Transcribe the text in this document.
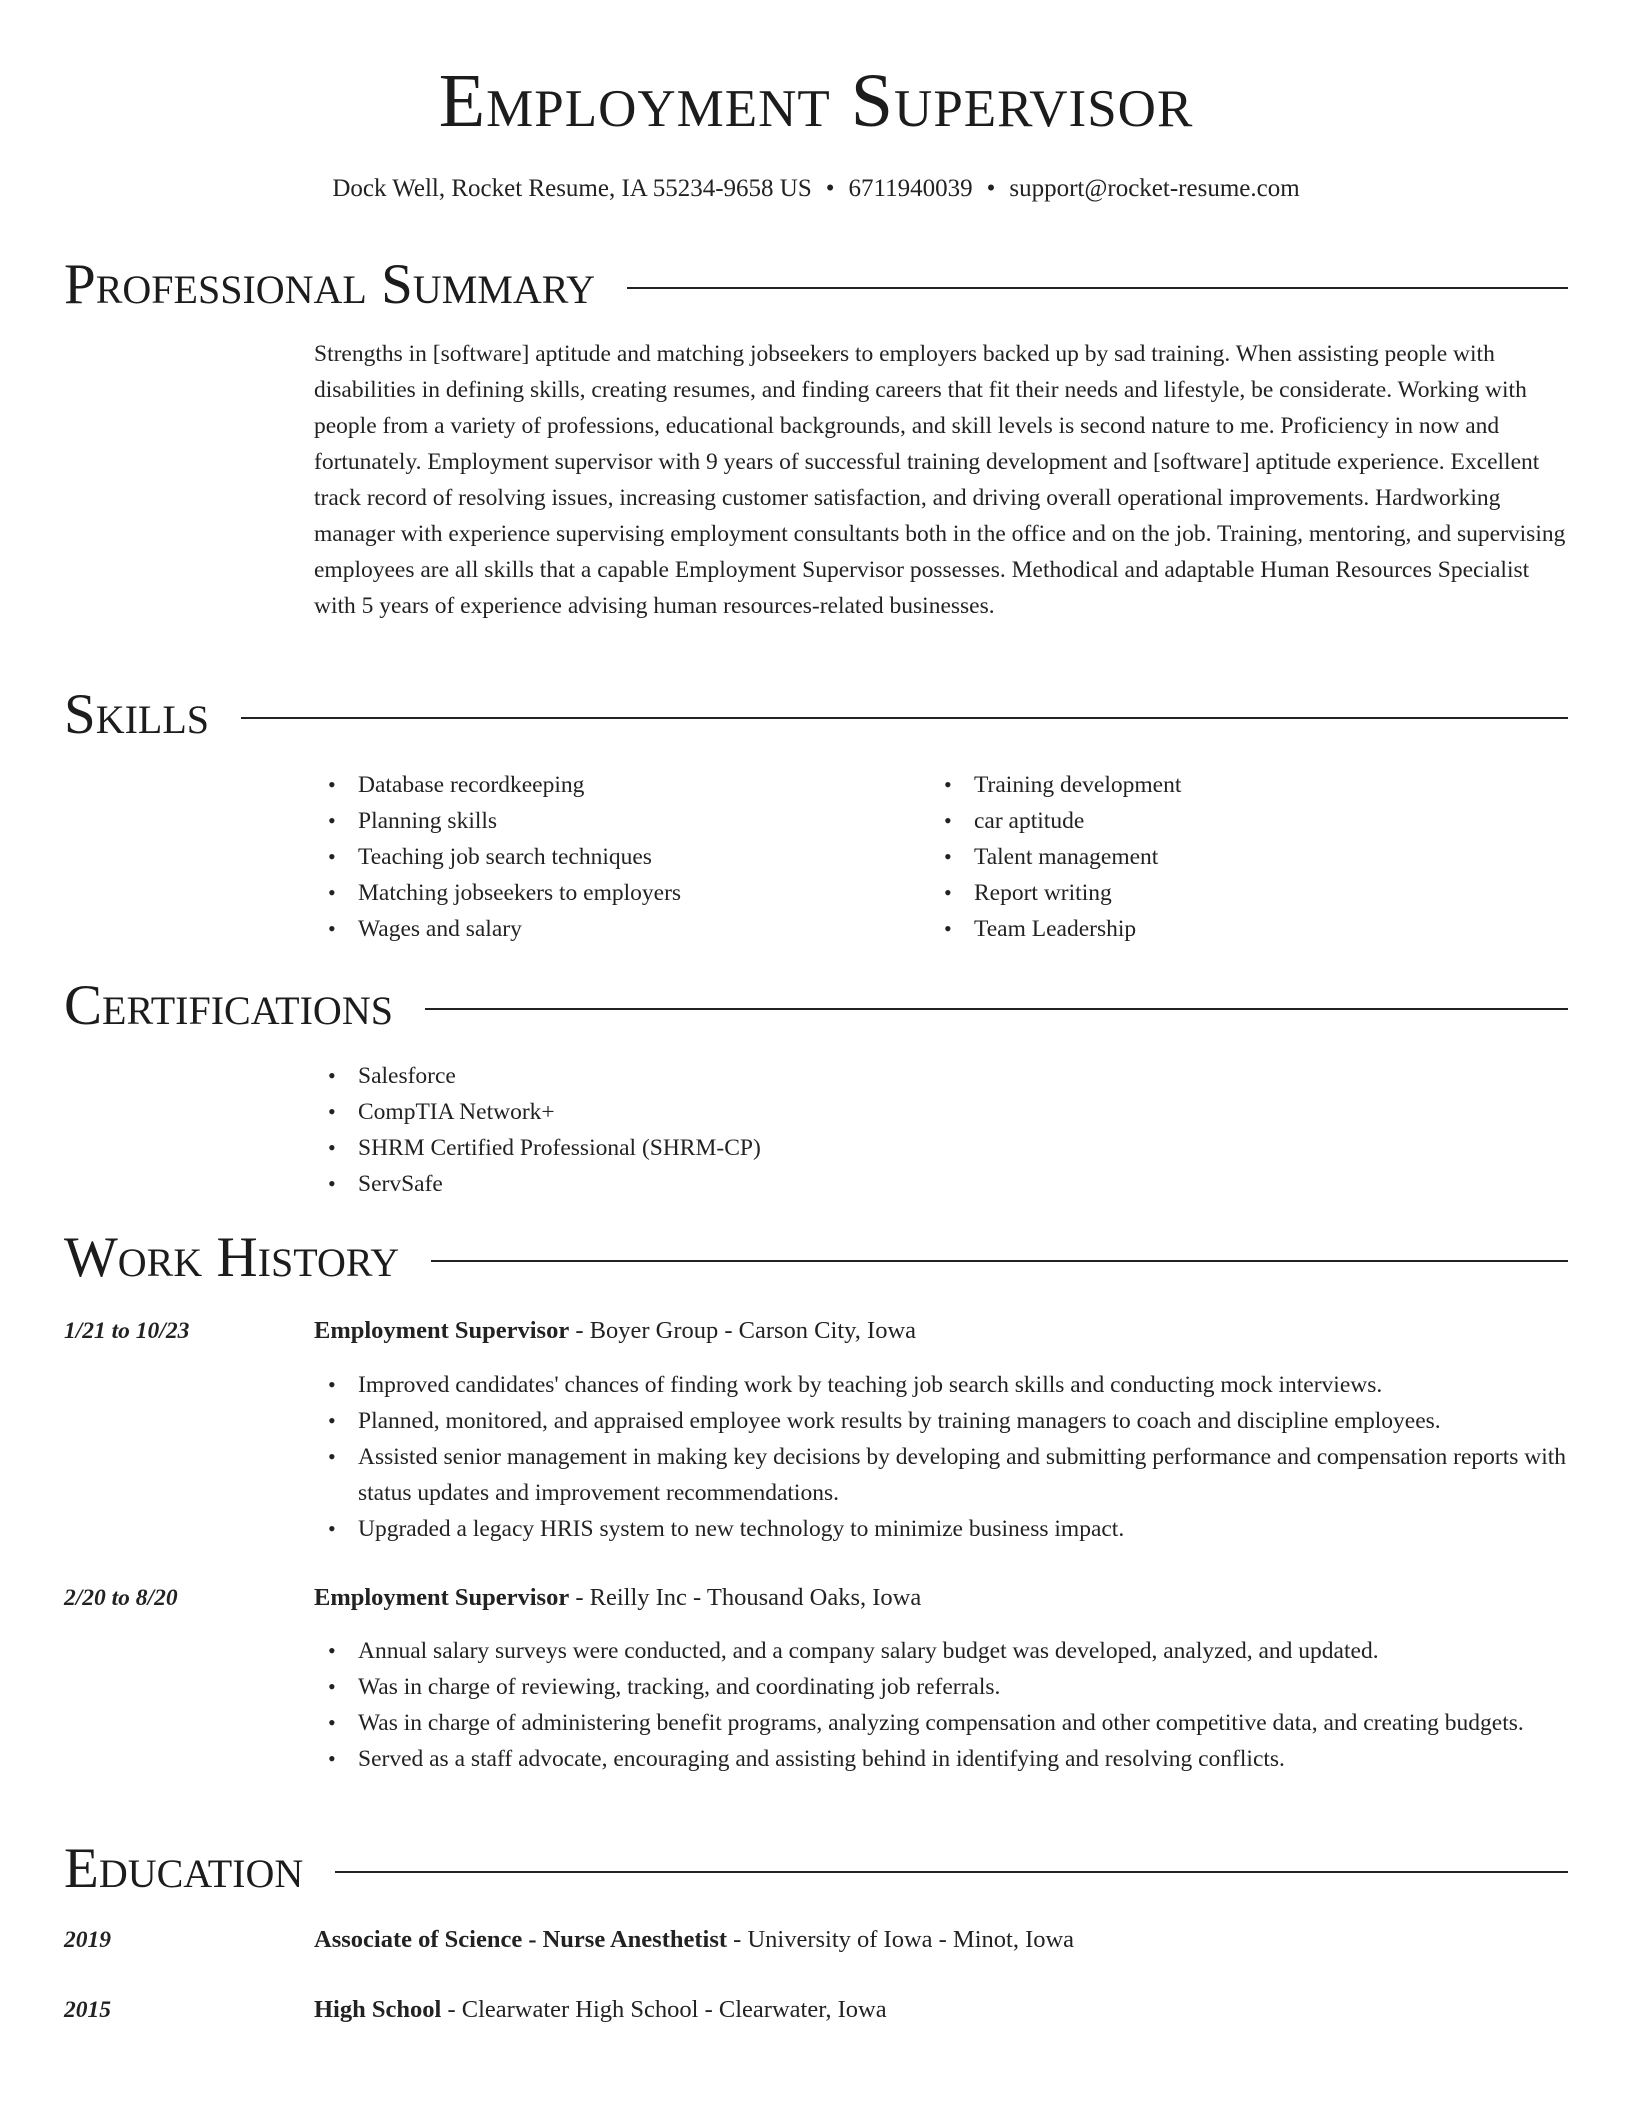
Employment Supervisor
Dock Well, Rocket Resume, IA 55234-9658 US • 6711940039 • support@rocket-resume.com
Professional Summary

Strengths in [software] aptitude and matching jobseekers to employers backed up by sad training. When assisting people with disabilities in defining skills, creating resumes, and finding careers that fit their needs and lifestyle, be considerate. Working with people from a variety of professions, educational backgrounds, and skill levels is second nature to me. Proficiency in now and fortunately. Employment supervisor with 9 years of successful training development and [software] aptitude experience. Excellent track record of resolving issues, increasing customer satisfaction, and driving overall operational improvements. Hardworking manager with experience supervising employment consultants both in the office and on the job. Training, mentoring, and supervising employees are all skills that a capable Employment Supervisor possesses. Methodical and adaptable Human Resources Specialist with 5 years of experience advising human resources-related businesses.

Skills
• Database recordkeeping
• Planning skills
• Teaching job search techniques
• Matching jobseekers to employers
• Wages and salary
• Training development
• car aptitude
• Talent management
• Report writing
• Team Leadership
Certifications
• Salesforce
• CompTIA Network+
• SHRM Certified Professional (SHRM-CP)
• ServSafe
Work History
1/21 to 10/23	Employment Supervisor - Boyer Group - Carson City, Iowa
• Improved candidates' chances of finding work by teaching job search skills and conducting mock interviews.
• Planned, monitored, and appraised employee work results by training managers to coach and discipline employees.
• Assisted senior management in making key decisions by developing and submitting performance and compensation reports with status updates and improvement recommendations.
• Upgraded a legacy HRIS system to new technology to minimize business impact.
2/20 to 8/20	Employment Supervisor - Reilly Inc - Thousand Oaks, Iowa
• Annual salary surveys were conducted, and a company salary budget was developed, analyzed, and updated.
• Was in charge of reviewing, tracking, and coordinating job referrals.
• Was in charge of administering benefit programs, analyzing compensation and other competitive data, and creating budgets.
• Served as a staff advocate, encouraging and assisting behind in identifying and resolving conflicts.
Education
2019	Associate of Science - Nurse Anesthetist - University of Iowa - Minot, Iowa
2015	High School - Clearwater High School - Clearwater, Iowa
